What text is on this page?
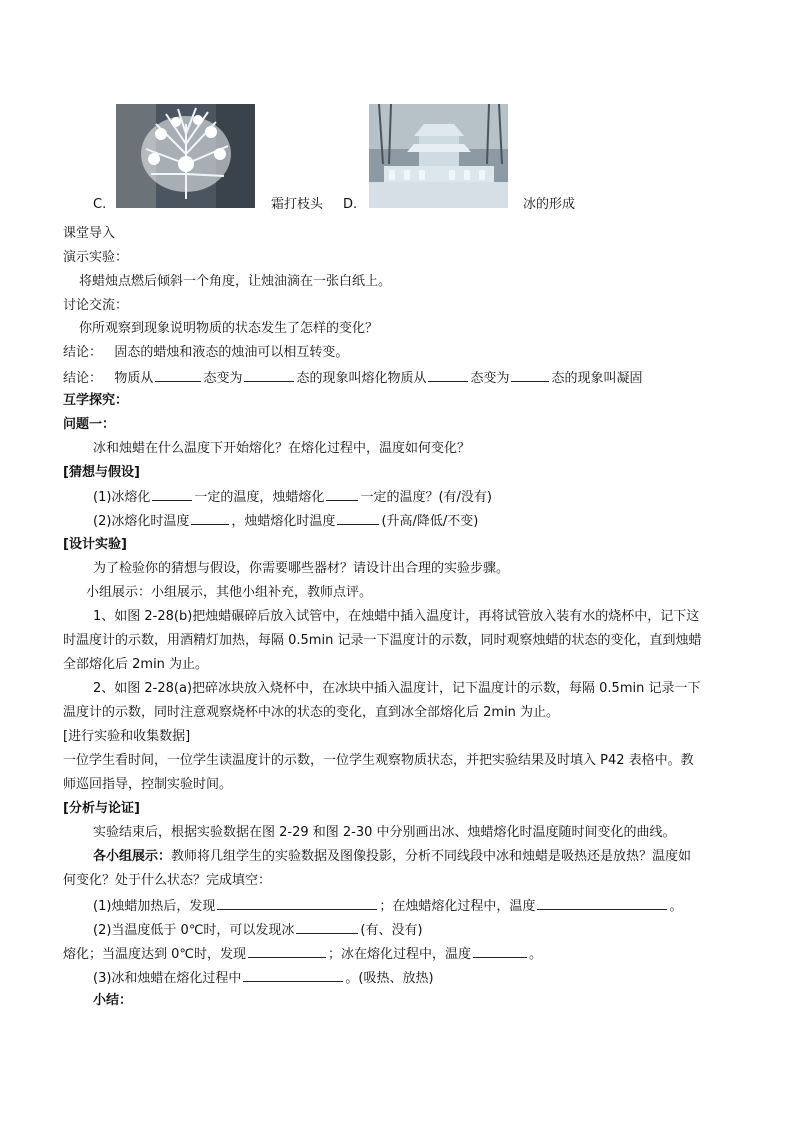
C.	霜打枝头 D.	冰的形成
课堂导入
演示实验：
将蜡烛点燃后倾斜一个角度，让烛油滴在一张白纸上。
讨论交流：
你所观察到现象说明物质的状态发生了怎样的变化？
结论： 固态的蜡烛和液态的烛油可以相互转变。
结论： 物质从	态变为	态的现象叫熔化物质从	态变为	态的现象叫凝固
互学探究：
问题一：
冰和烛蜡在什么温度下开始熔化？在熔化过程中，温度如何变化？
[猜想与假设]
(1)冰熔化	一定的温度，烛蜡熔化	一定的温度？(有/没有)
(2)冰熔化时温度	，烛蜡熔化时温度	(升高/降低/不变)
[设计实验]
为了检验你的猜想与假设，你需要哪些器材？请设计出合理的实验步骤。
小组展示：小组展示，其他小组补充，教师点评。
1、如图 2-28(b)把烛蜡碾碎后放入试管中，在烛蜡中插入温度计，再将试管放入装有水的烧杯中，记下这
时温度计的示数，用酒精灯加热，每隔 0.5min 记录一下温度计的示数，同时观察烛蜡的状态的变化，直到烛蜡
全部熔化后 2min 为止。
2、如图 2-28(a)把碎冰块放入烧杯中，在冰块中插入温度计，记下温度计的示数，每隔 0.5min 记录一下
温度计的示数，同时注意观察烧杯中冰的状态的变化，直到冰全部熔化后 2min 为止。
[进行实验和收集数据]
一位学生看时间，一位学生读温度计的示数，一位学生观察物质状态，并把实验结果及时填入 P42 表格中。教
师巡回指导，控制实验时间。
[分析与论证]
实验结束后，根据实验数据在图 2-29 和图 2-30 中分别画出冰、烛蜡熔化时温度随时间变化的曲线。
各小组展示：教师将几组学生的实验数据及图像投影，分析不同线段中冰和烛蜡是吸热还是放热？温度如
何变化？处于什么状态？完成填空：
(1)烛蜡加热后，发现	；在烛蜡熔化过程中，温度	。
(2)当温度低于 0℃时，可以发现冰	(有、没有)
熔化；当温度达到 0℃时，发现	；冰在熔化过程中，温度	。
(3)冰和烛蜡在熔化过程中	。(吸热、放热)
小结：
